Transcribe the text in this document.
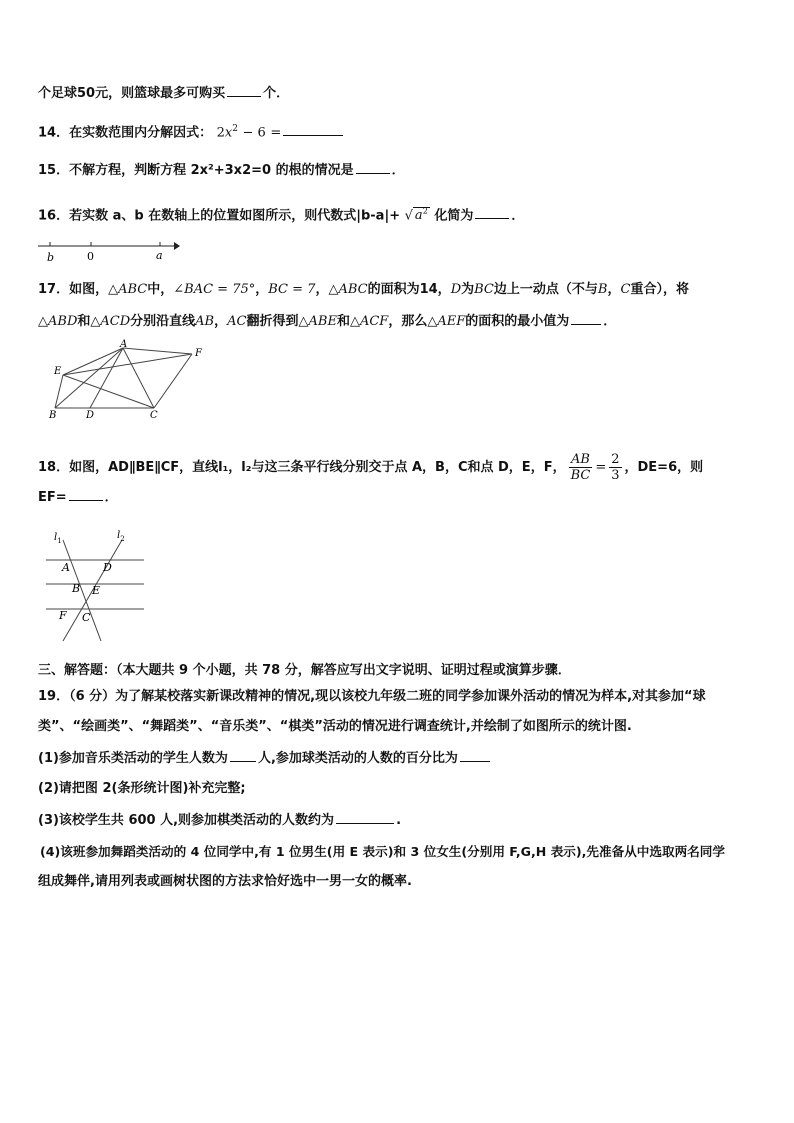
个足球50元，则篮球最多可购买	个．
14．在实数范围内分解因式： $2x^2 - 6$ =
15．不解方程，判断方程 2x²+3x2=0 的根的情况是	．
16．若实数 a、b 在数轴上的位置如图所示，则代数式|b-a|+ √ $a^2$ 化简为	．
b	0	a
17．如图，△ABC中，∠BAC = 75°，BC = 7，△ABC的面积为14，D为BC边上一动点（不与B，C重合），将
△ABD和△ACD分别沿直线AB，AC翻折得到△ABE和△ACF，那么△AEF的面积的最小值为	．
A
E
F
B	D	C
18．如图，AD∥BE∥CF，直线l₁，l₂与这三条平行线分别交于点 A，B，C和点 D，E，F， $\frac{AB}{BC} = \frac{2}{3}$ ，DE=6，则
EF=	．
$l_1$	$l_2$
A	D
B E
F C
三、解答题：（本大题共 9 个小题，共 78 分，解答应写出文字说明、证明过程或演算步骤．
19．（6 分）为了解某校落实新课改精神的情况,现以该校九年级二班的同学参加课外活动的情况为样本,对其参加“球
类”、“绘画类”、“舞蹈类”、“音乐类”、“棋类”活动的情况进行调查统计,并绘制了如图所示的统计图.
(1)参加音乐类活动的学生人数为 人,参加球类活动的人数的百分比为
(2)请把图 2(条形统计图)补充完整;
(3)该校学生共 600 人,则参加棋类活动的人数约为	.
(4)该班参加舞蹈类活动的 4 位同学中,有 1 位男生(用 E 表示)和 3 位女生(分别用 F,G,H 表示),先准备从中选取两名同学
组成舞伴,请用列表或画树状图的方法求恰好选中一男一女的概率.
